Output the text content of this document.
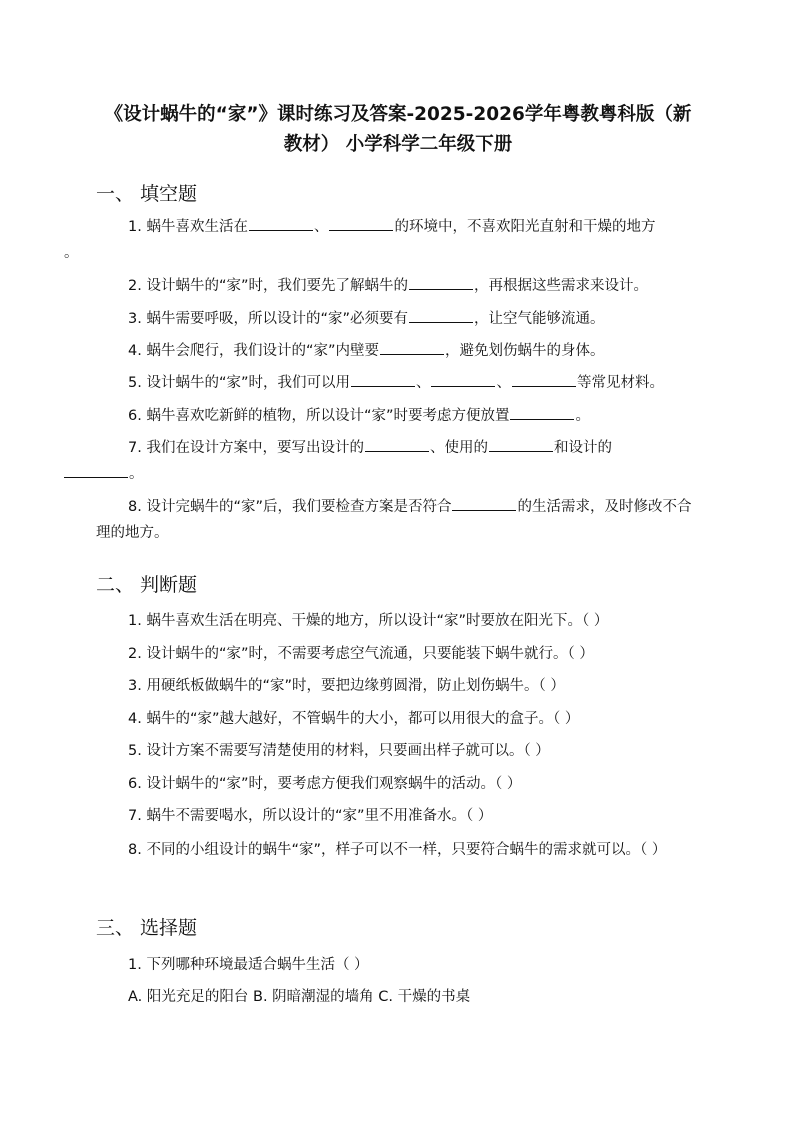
《设计蜗牛的“家”》课时练习及答案-2025-2026学年粤教粤科版（新教材） 小学科学二年级下册
一、 填空题

1. 蜗牛喜欢生活在	、	的环境中，不喜欢阳光直射和干燥的地方
。

2. 设计蜗牛的“家”时，我们要先了解蜗牛的	，再根据这些需求来设计。

3. 蜗牛需要呼吸，所以设计的“家”必须要有	，让空气能够流通。

4. 蜗牛会爬行，我们设计的“家”内壁要	，避免划伤蜗牛的身体。

5. 设计蜗牛的“家”时，我们可以用	、	、	等常见材料。

6. 蜗牛喜欢吃新鲜的植物，所以设计“家”时要考虑方便放置	。

7. 我们在设计方案中，要写出设计的	、使用的	和设计的
。

8. 设计完蜗牛的“家”后，我们要检查方案是否符合	的生活需求，及时修改不合理的地方。

二、 判断题

1. 蜗牛喜欢生活在明亮、干燥的地方，所以设计“家”时要放在阳光下。（ ）

2. 设计蜗牛的“家”时，不需要考虑空气流通，只要能装下蜗牛就行。（ ）

3. 用硬纸板做蜗牛的“家”时，要把边缘剪圆滑，防止划伤蜗牛。（ ）

4. 蜗牛的“家”越大越好，不管蜗牛的大小，都可以用很大的盒子。（ ）

5. 设计方案不需要写清楚使用的材料，只要画出样子就可以。（ ）

6. 设计蜗牛的“家”时，要考虑方便我们观察蜗牛的活动。（ ）

7. 蜗牛不需要喝水，所以设计的“家”里不用准备水。（ ）

8. 不同的小组设计的蜗牛“家”，样子可以不一样，只要符合蜗牛的需求就可以。（ ）

三、 选择题

1. 下列哪种环境最适合蜗牛生活（ ）

A. 阳光充足的阳台 B. 阴暗潮湿的墙角 C. 干燥的书桌
